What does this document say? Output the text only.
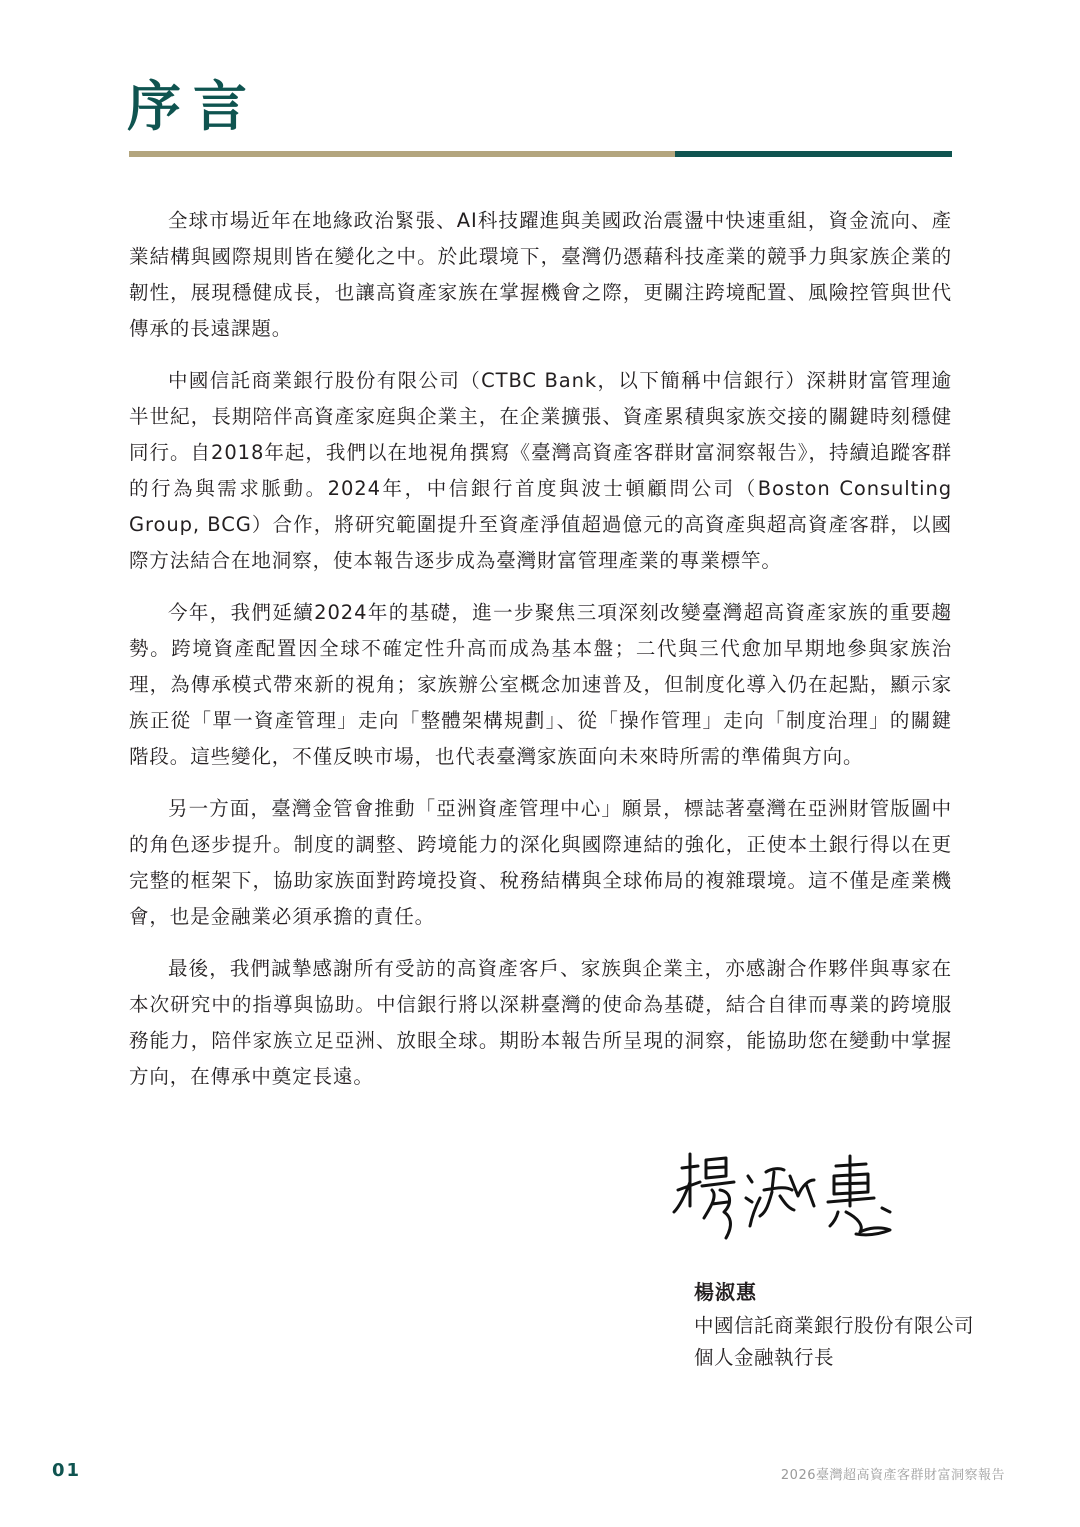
序言

全球市場近年在地緣政治緊張、AI科技躍進與美國政治震盪中快速重組，資金流向、產業結構與國際規則皆在變化之中。於此環境下，臺灣仍憑藉科技產業的競爭力與家族企業的韌性，展現穩健成長，也讓高資產家族在掌握機會之際，更關注跨境配置、風險控管與世代傳承的長遠課題。

中國信託商業銀行股份有限公司（CTBC Bank，以下簡稱中信銀行）深耕財富管理逾半世紀，長期陪伴高資產家庭與企業主，在企業擴張、資產累積與家族交接的關鍵時刻穩健同行。自2018年起，我們以在地視角撰寫《臺灣高資產客群財富洞察報告》，持續追蹤客群的行為與需求脈動。2024年，中信銀行首度與波士頓顧問公司（Boston Consulting Group, BCG）合作，將研究範圍提升至資產淨值超過億元的高資產與超高資產客群，以國際方法結合在地洞察，使本報告逐步成為臺灣財富管理產業的專業標竿。

今年，我們延續2024年的基礎，進一步聚焦三項深刻改變臺灣超高資產家族的重要趨勢。跨境資產配置因全球不確定性升高而成為基本盤；二代與三代愈加早期地參與家族治理，為傳承模式帶來新的視角；家族辦公室概念加速普及，但制度化導入仍在起點，顯示家族正從「單一資產管理」走向「整體架構規劃」、從「操作管理」走向「制度治理」的關鍵階段。這些變化，不僅反映市場，也代表臺灣家族面向未來時所需的準備與方向。

另一方面，臺灣金管會推動「亞洲資產管理中心」願景，標誌著臺灣在亞洲財管版圖中的角色逐步提升。制度的調整、跨境能力的深化與國際連結的強化，正使本土銀行得以在更完整的框架下，協助家族面對跨境投資、稅務結構與全球佈局的複雜環境。這不僅是產業機會，也是金融業必須承擔的責任。

最後，我們誠摯感謝所有受訪的高資產客戶、家族與企業主，亦感謝合作夥伴與專家在本次研究中的指導與協助。中信銀行將以深耕臺灣的使命為基礎，結合自律而專業的跨境服務能力，陪伴家族立足亞洲、放眼全球。期盼本報告所呈現的洞察，能協助您在變動中掌握方向，在傳承中奠定長遠。

楊淑惠
中國信託商業銀行股份有限公司
個人金融執行長
01	2026臺灣超高資產客群財富洞察報告
